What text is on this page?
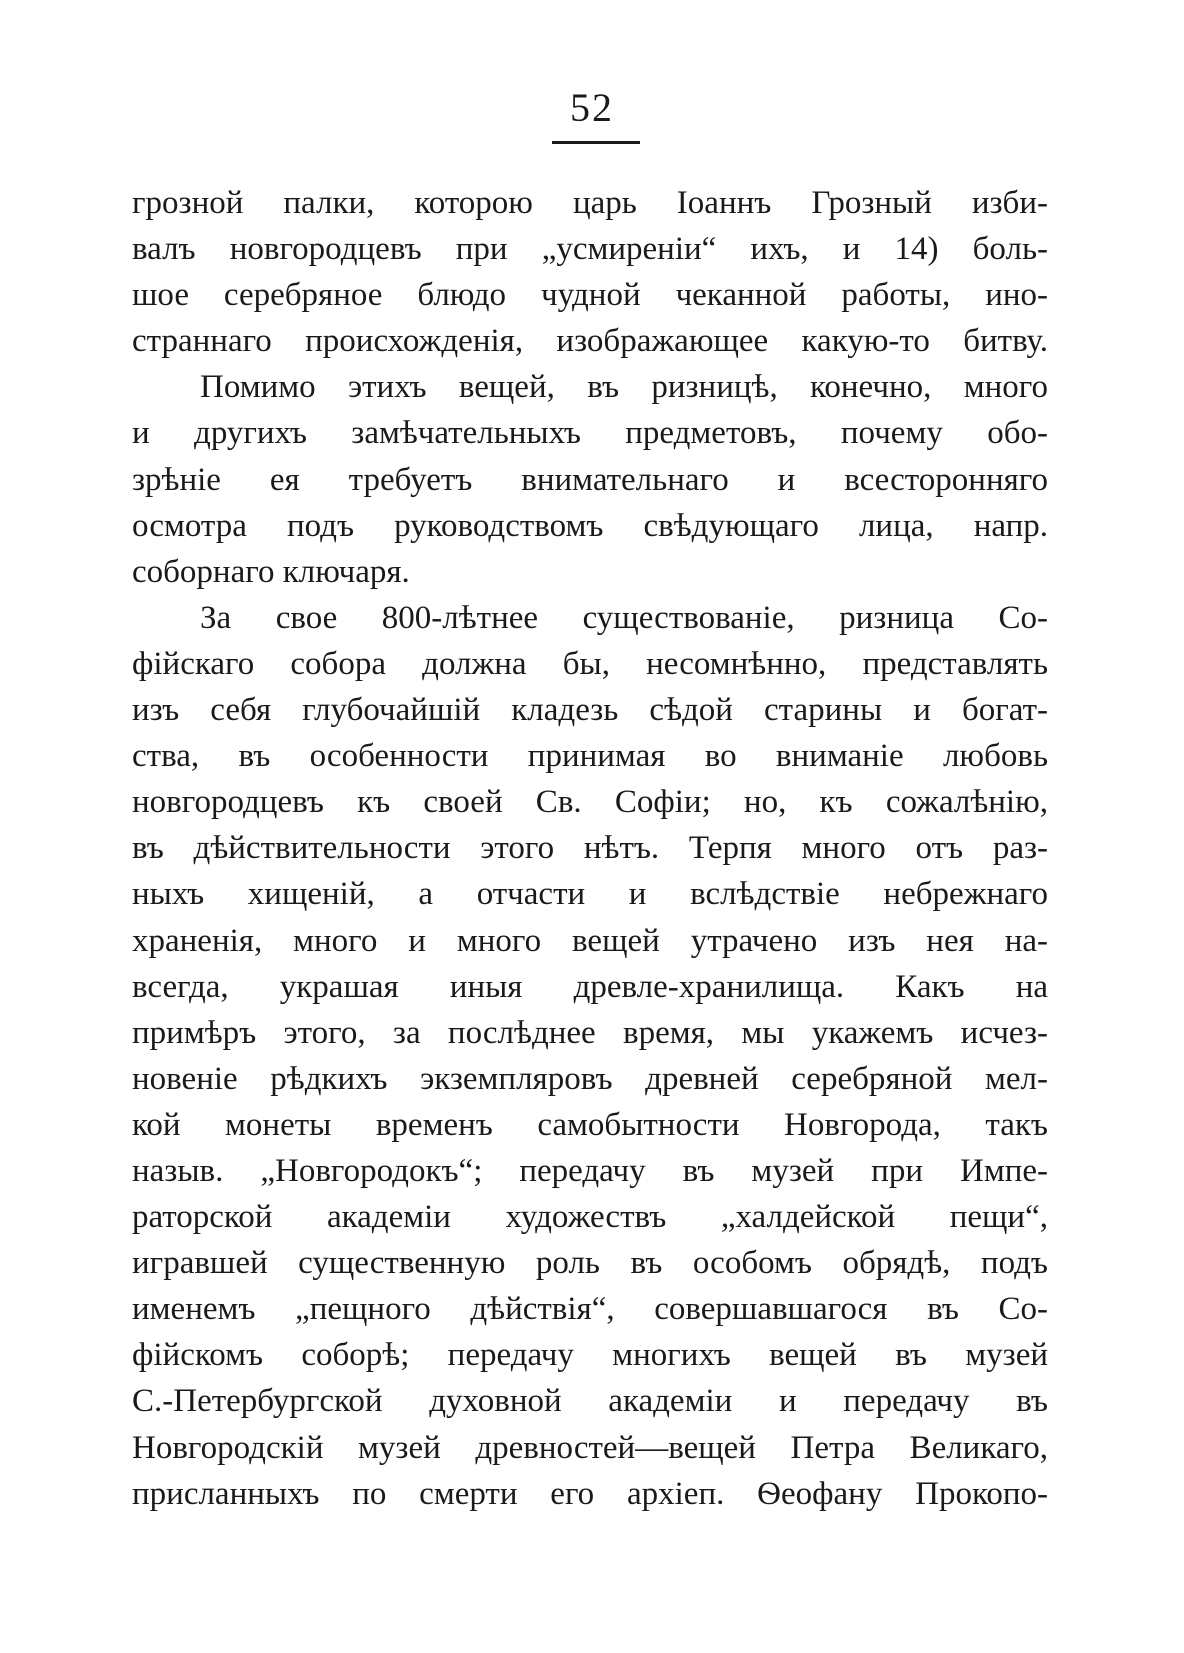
52
грозной палки, которою царь Іоаннъ Грозный изби-
валъ новгородцевъ при „усмиреніи“ ихъ, и 14) боль-
шое серебряное блюдо чудной чеканной работы, ино-
страннаго происхожденія, изображающее какую-то битву.
Помимо этихъ вещей, въ ризницѣ, конечно, много
и другихъ замѣчательныхъ предметовъ, почему обо-
зрѣніе ея требуетъ внимательнаго и всесторонняго
осмотра подъ руководствомъ свѣдующаго лица, напр.
соборнаго ключаря.
За свое 800-лѣтнее существованіе, ризница Со-
фійскаго собора должна бы, несомнѣнно, представлять
изъ себя глубочайшій кладезь сѣдой старины и богат-
ства, въ особенности принимая во вниманіе любовь
новгородцевъ къ своей Св. Софіи; но, къ сожалѣнію,
въ дѣйствительности этого нѣтъ. Терпя много отъ раз-
ныхъ хищеній, а отчасти и вслѣдствіе небрежнаго
храненія, много и много вещей утрачено изъ нея на-
всегда, украшая иныя древле-хранилища. Какъ на
примѣръ этого, за послѣднее время, мы укажемъ исчез-
новеніе рѣдкихъ экземпляровъ древней серебряной мел-
кой монеты временъ самобытности Новгорода, такъ
назыв. „Новгородокъ“; передачу въ музей при Импе-
раторской академіи художествъ „халдейской пещи“,
игравшей существенную роль въ особомъ обрядѣ, подъ
именемъ „пещного дѣйствія“, совершавшагося въ Со-
фійскомъ соборѣ; передачу многихъ вещей въ музей
С.-Петербургской духовной академіи и передачу въ
Новгородскій музей древностей—вещей Петра Великаго,
присланныхъ по смерти его архіеп. Ѳеофану Прокопо-
